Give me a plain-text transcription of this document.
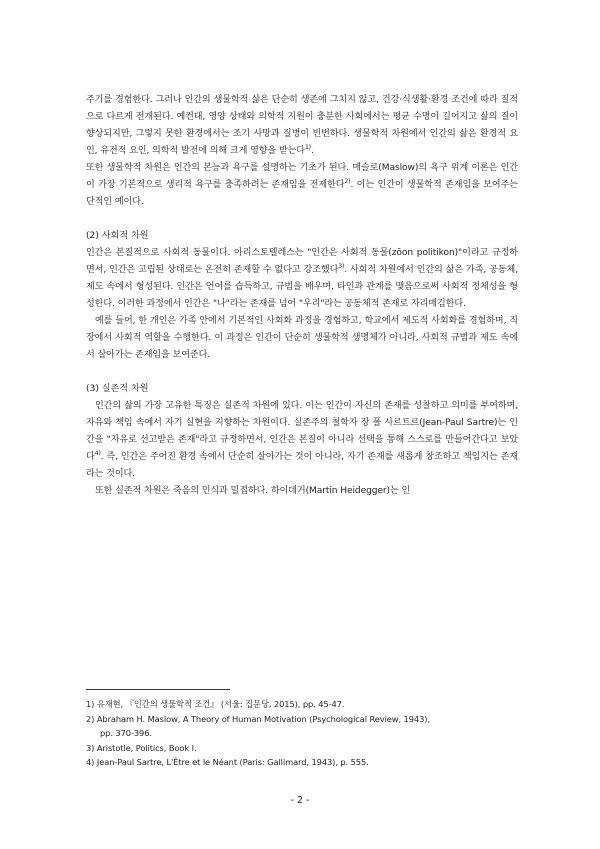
주기를 경험한다. 그러나 인간의 생물학적 삶은 단순히 생존에 그치지 않고, 건강·식생활·환경 조건에 따라 질적으로 다르게 전개된다. 예컨대, 영양 상태와 의학적 지원이 충분한 사회에서는 평균 수명이 길어지고 삶의 질이 향상되지만, 그렇지 못한 환경에서는 조기 사망과 질병이 빈번하다. 생물학적 차원에서 인간의 삶은 환경적 요인, 유전적 요인, 의학적 발전에 의해 크게 영향을 받는다$^{1)}$.

또한 생물학적 차원은 인간의 본능과 욕구를 설명하는 기초가 된다. 매슬로(Maslow)의 욕구 위계 이론은 인간이 가장 기본적으로 생리적 욕구를 충족하려는 존재임을 전제한다$^{2)}$. 이는 인간이 생물학적 존재임을 보여주는 단적인 예이다.

(2) 사회적 차원

인간은 본질적으로 사회적 동물이다. 아리스토텔레스는 "인간은 사회적 동물(zōon politikon)"이라고 규정하면서, 인간은 고립된 상태로는 온전히 존재할 수 없다고 강조했다$^{3)}$. 사회적 차원에서 인간의 삶은 가족, 공동체, 제도 속에서 형성된다. 인간은 언어를 습득하고, 규범을 배우며, 타인과 관계를 맺음으로써 사회적 정체성을 형성한다. 이러한 과정에서 인간은 "나"라는 존재를 넘어 "우리"라는 공동체적 존재로 자리매김한다.

예를 들어, 한 개인은 가족 안에서 기본적인 사회화 과정을 경험하고, 학교에서 제도적 사회화를 경험하며, 직장에서 사회적 역할을 수행한다. 이 과정은 인간이 단순히 생물학적 생명체가 아니라, 사회적 규범과 제도 속에서 살아가는 존재임을 보여준다.

(3) 실존적 차원

인간의 삶의 가장 고유한 특징은 실존적 차원에 있다. 이는 인간이 자신의 존재를 성찰하고 의미를 부여하며, 자유와 책임 속에서 자기 실현을 지향하는 차원이다. 실존주의 철학자 장 폴 사르트르(Jean-Paul Sartre)는 인간을 "자유로 선고받은 존재"라고 규정하면서, 인간은 본질이 아니라 선택을 통해 스스로를 만들어간다고 보았다$^{4)}$. 즉, 인간은 주어진 환경 속에서 단순히 살아가는 것이 아니라, 자기 존재를 새롭게 창조하고 책임지는 존재라는 것이다.

또한 실존적 차원은 죽음의 인식과 밀접하다. 하이데거(Martin Heidegger)는 인

1) 유재현, 『인간의 생물학적 조건』 (서울: 집문당, 2015), pp. 45-47.

2) Abraham H. Maslow, A Theory of Human Motivation (Psychological Review, 1943),

pp. 370-396.

3) Aristotle, Politics, Book I.

4) Jean-Paul Sartre, L'Être et le Néant (Paris: Gallimard, 1943), p. 555.

- 2 -
